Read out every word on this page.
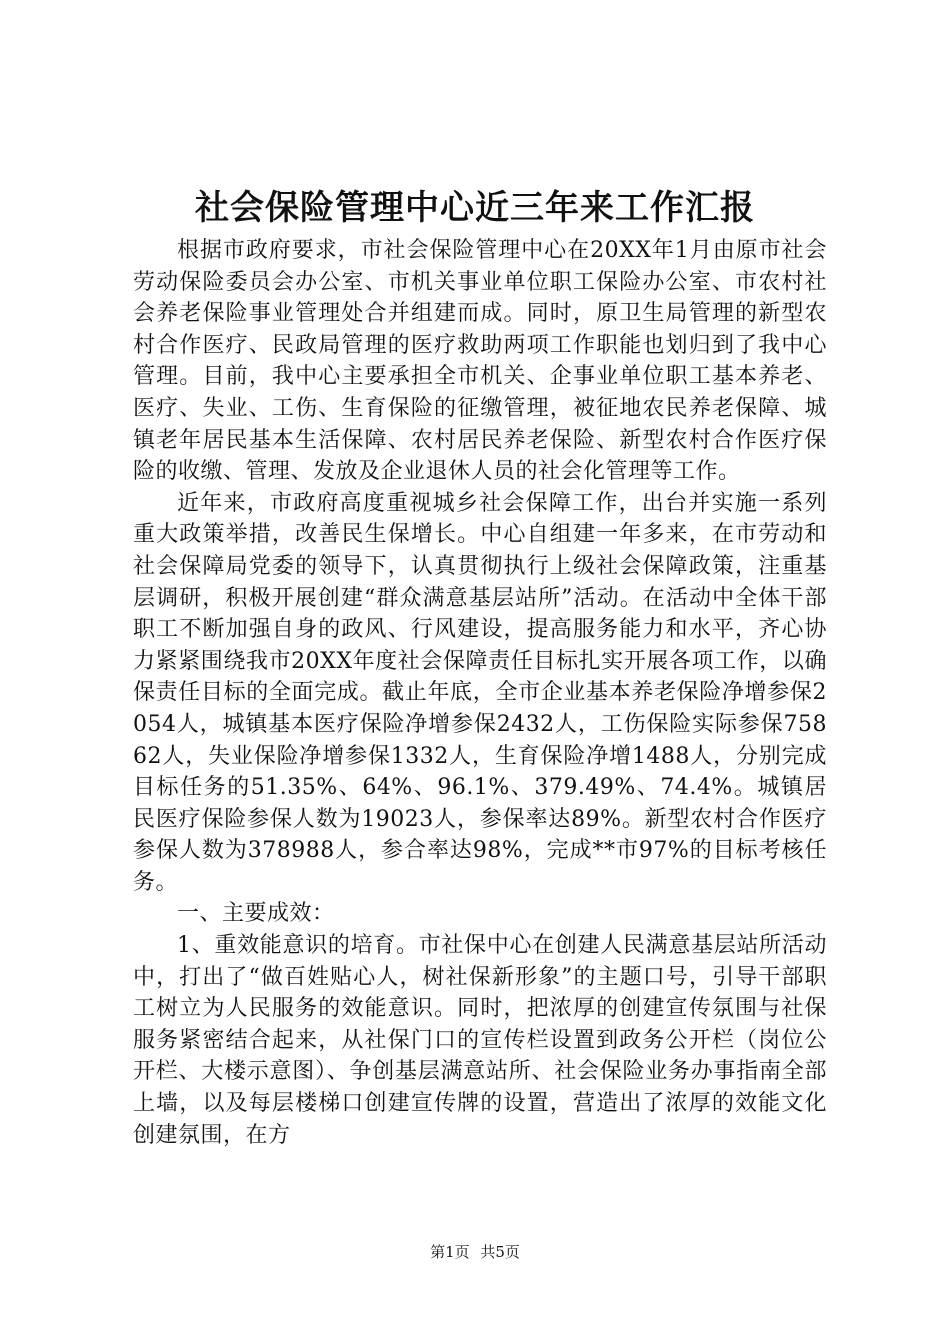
社会保险管理中心近三年来工作汇报

根据市政府要求，市社会保险管理中心在20XX年1月由原市社会劳动保险委员会办公室、市机关事业单位职工保险办公室、市农村社会养老保险事业管理处合并组建而成。同时，原卫生局管理的新型农村合作医疗、民政局管理的医疗救助两项工作职能也划归到了我中心管理。目前，我中心主要承担全市机关、企事业单位职工基本养老、医疗、失业、工伤、生育保险的征缴管理，被征地农民养老保障、城镇老年居民基本生活保障、农村居民养老保险、新型农村合作医疗保险的收缴、管理、发放及企业退休人员的社会化管理等工作。

近年来，市政府高度重视城乡社会保障工作，出台并实施一系列重大政策举措，改善民生保增长。中心自组建一年多来，在市劳动和社会保障局党委的领导下，认真贯彻执行上级社会保障政策，注重基层调研，积极开展创建“群众满意基层站所”活动。在活动中全体干部职工不断加强自身的政风、行风建设，提高服务能力和水平，齐心协力紧紧围绕我市20XX年度社会保障责任目标扎实开展各项工作，以确保责任目标的全面完成。截止年底，全市企业基本养老保险净增参保2054人，城镇基本医疗保险净增参保2432人，工伤保险实际参保75862人，失业保险净增参保1332人，生育保险净增1488人，分别完成目标任务的51.35%、64%、96.1%、379.49%、74.4%。城镇居民医疗保险参保人数为19023人，参保率达89%。新型农村合作医疗参保人数为378988人，参合率达98%，完成**市97%的目标考核任务。

一、主要成效：

1、重效能意识的培育。市社保中心在创建人民满意基层站所活动中，打出了“做百姓贴心人，树社保新形象”的主题口号，引导干部职工树立为人民服务的效能意识。同时，把浓厚的创建宣传氛围与社保服务紧密结合起来，从社保门口的宣传栏设置到政务公开栏（岗位公开栏、大楼示意图）、争创基层满意站所、社会保险业务办事指南全部上墙，以及每层楼梯口创建宣传牌的设置，营造出了浓厚的效能文化创建氛围，在方

第1页 共5页
